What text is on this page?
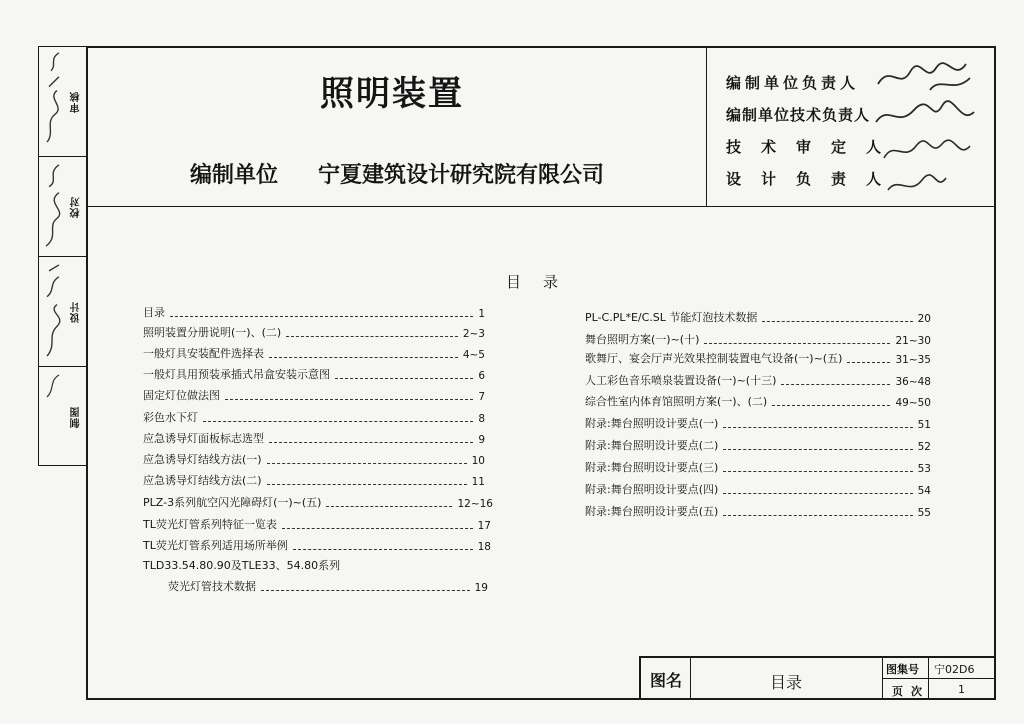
审核
校对
设计
制图
照明装置
编制单位 宁夏建筑设计研究院有限公司
编制单位负责人
编制单位技术负责人
技术审定人
设计负责人
目录
目录	1
照明装置分册说明(一)、(二)	2~3
一般灯具安装配件选择表	4~5
一般灯具用预装承插式吊盒安装示意图	6
固定灯位做法图	7
彩色水下灯	8
应急诱导灯面板标志选型	9
应急诱导灯结线方法(一)	10
应急诱导灯结线方法(二)	11
PLZ-3系列航空闪光障碍灯(一)~(五)	12~16
TL荧光灯管系列特征一览表	17
TL荧光灯管系列适用场所举例	18
TLD33.54.80.90及TLE33、54.80系列
荧光灯管技术数据	19
PL-C.PL*E/C.SL 节能灯泡技术数据	20
舞台照明方案(一)~(十)	21~30
歌舞厅、宴会厅声光效果控制装置电气设备(一)~(五)	31~35
人工彩色音乐喷泉装置设备(一)~(十三)	36~48
综合性室内体育馆照明方案(一)、(二)	49~50
附录:舞台照明设计要点(一)	51
附录:舞台照明设计要点(二)	52
附录:舞台照明设计要点(三)	53
附录:舞台照明设计要点(四)	54
附录:舞台照明设计要点(五)	55
图名	目录
图集号 宁02D6
页次	1
